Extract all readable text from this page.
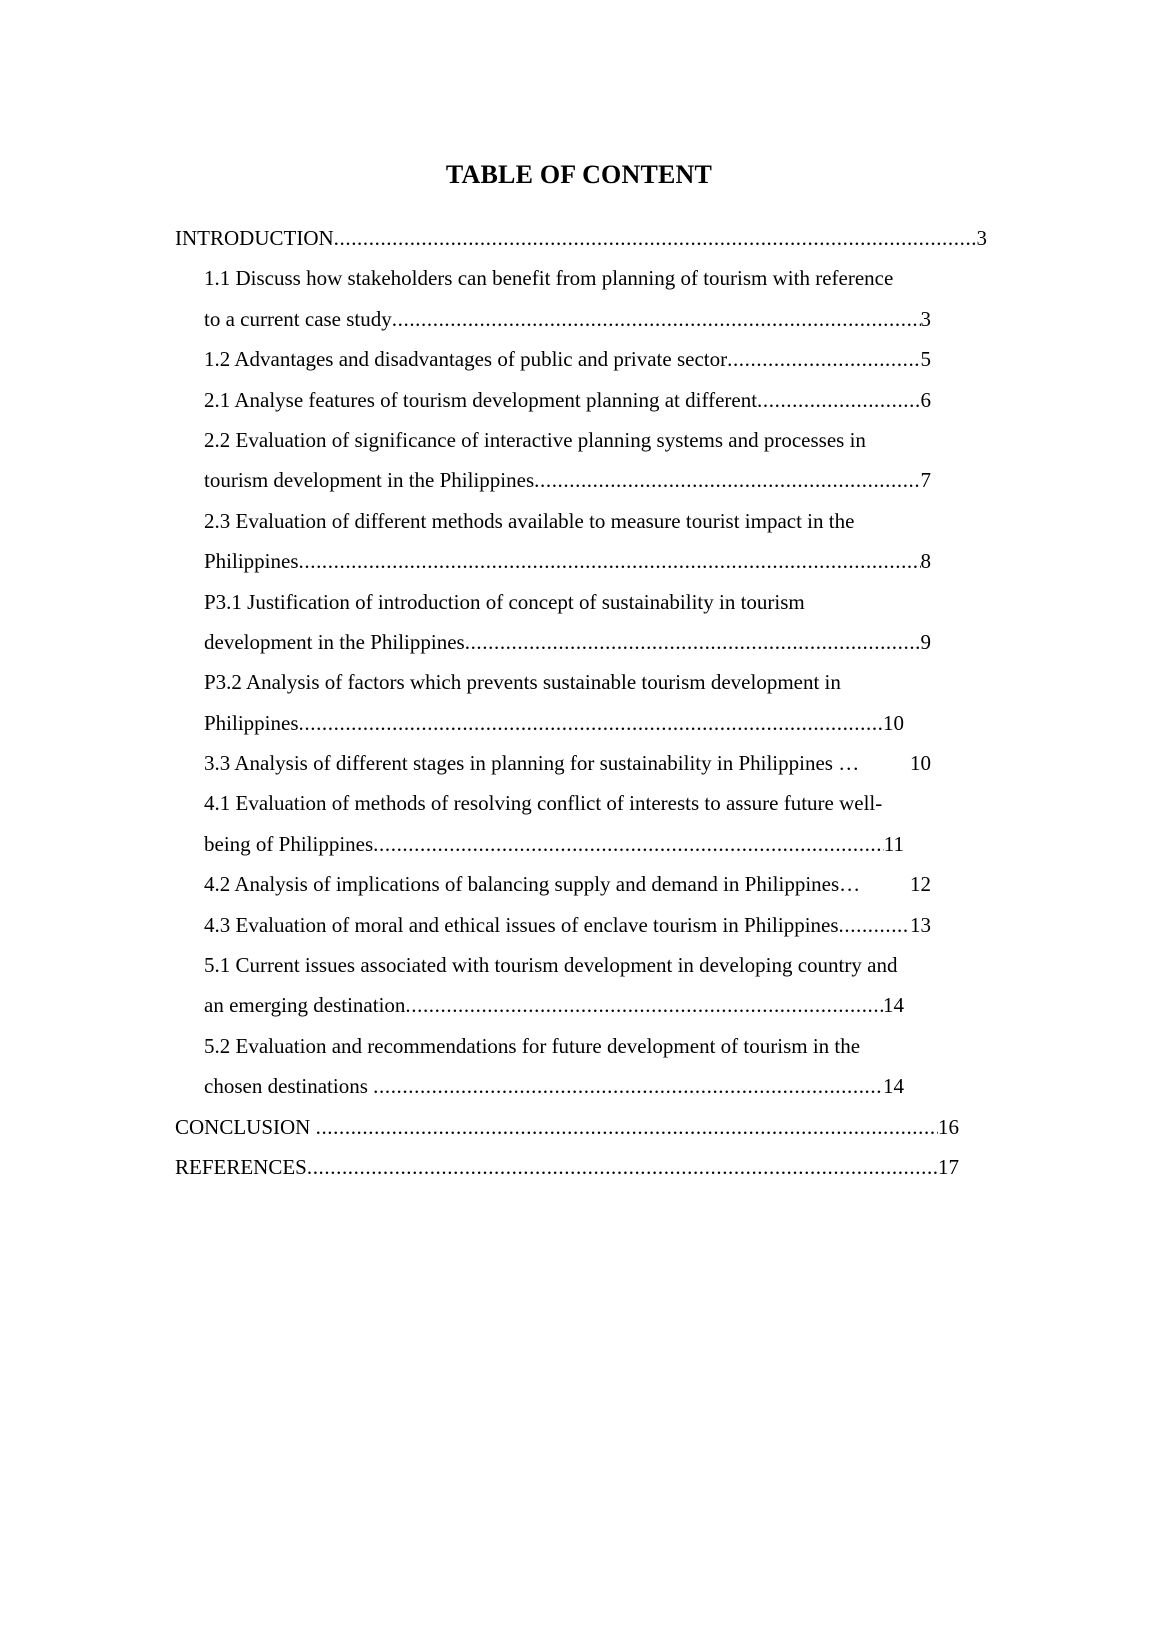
TABLE OF CONTENT
INTRODUCTION .....	3
1.1 Discuss how stakeholders can benefit from planning of tourism with reference
to a current case study .....	3
1.2 Advantages and disadvantages of public and private sector .....	5
2.1 Analyse features of tourism development planning at different .....	6
2.2 Evaluation of significance of interactive planning systems and processes in
tourism development in the Philippines .....	7
2.3 Evaluation of different methods available to measure tourist impact in the
Philippines .....	8
P3.1 Justification of introduction of concept of sustainability in tourism
development in the Philippines .....	9
P3.2 Analysis of factors which prevents sustainable tourism development in
Philippines .....	10
3.3 Analysis of different stages in planning for sustainability in Philippines … 10
4.1 Evaluation of methods of resolving conflict of interests to assure future well-
being of Philippines .....	11
4.2 Analysis of implications of balancing supply and demand in Philippines… 12
4.3 Evaluation of moral and ethical issues of enclave tourism in Philippines .....	13
5.1 Current issues associated with tourism development in developing country and
an emerging destination .....	14
5.2 Evaluation and recommendations for future development of tourism in the
chosen destinations .....	14
CONCLUSION .....	16
REFERENCES .....	17
